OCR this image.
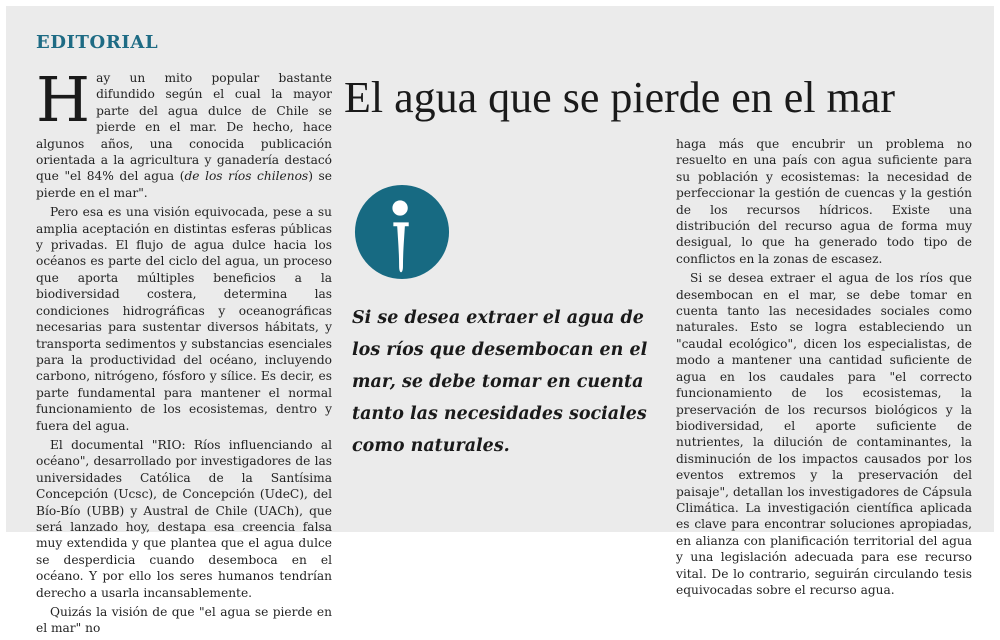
EDITORIAL

Hay un mito popular bastante difundido según el cual la mayor parte del agua dulce de Chile se pierde en el mar. De hecho, hace algunos años, una conocida publicación orientada a la agricultura y ganadería destacó que "el 84% del agua (de los ríos chilenos) se pierde en el mar".

Pero esa es una visión equivocada, pese a su amplia aceptación en distintas esferas públicas y privadas. El flujo de agua dulce hacia los océanos es parte del ciclo del agua, un proceso que aporta múltiples beneficios a la biodiversidad costera, determina las condiciones hidrográficas y oceanográficas necesarias para sustentar diversos hábitats, y transporta sedimentos y substancias esenciales para la productividad del océano, incluyendo carbono, nitrógeno, fósforo y sílice. Es decir, es parte fundamental para mantener el normal funcionamiento de los ecosistemas, dentro y fuera del agua.

El documental "RIO: Ríos influenciando al océano", desarrollado por investigadores de las universidades Católica de la Santísima Concepción (Ucsc), de Concepción (UdeC), del Bío-Bío (UBB) y Austral de Chile (UACh), que será lanzado hoy, destapa esa creencia falsa muy extendida y que plantea que el agua dulce se desperdicia cuando desemboca en el océano. Y por ello los seres humanos tendrían derecho a usarla incansablemente.

Quizás la visión de que "el agua se pierde en el mar" no

El agua que se pierde en el mar
Si se desea extraer el agua de los ríos que desembocan en el mar, se debe tomar en cuenta tanto las necesidades sociales como naturales.

haga más que encubrir un problema no resuelto en una país con agua suficiente para su población y ecosistemas: la necesidad de perfeccionar la gestión de cuencas y la gestión de los recursos hídricos. Existe una distribución del recurso agua de forma muy desigual, lo que ha generado todo tipo de conflictos en la zonas de escasez.

Si se desea extraer el agua de los ríos que desembocan en el mar, se debe tomar en cuenta tanto las necesidades sociales como naturales. Esto se logra estableciendo un "caudal ecológico", dicen los especialistas, de modo a mantener una cantidad suficiente de agua en los caudales para "el correcto funcionamiento de los ecosistemas, la preservación de los recursos biológicos y la biodiversidad, el aporte suficiente de nutrientes, la dilución de contaminantes, la disminución de los impactos causados por los eventos extremos y la preservación del paisaje", detallan los investigadores de Cápsula Climática. La investigación científica aplicada es clave para encontrar soluciones apropiadas, en alianza con planificación territorial del agua y una legislación adecuada para ese recurso vital. De lo contrario, seguirán circulando tesis equivocadas sobre el recurso agua.
